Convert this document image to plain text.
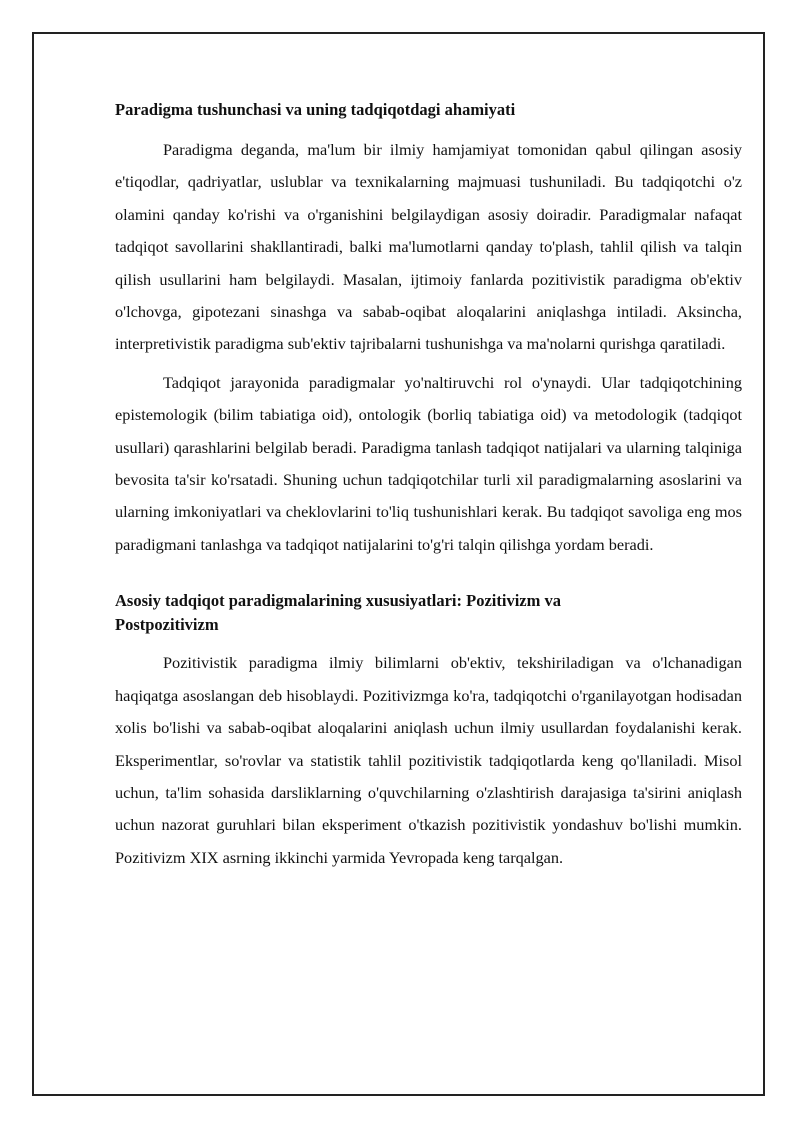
Paradigma tushunchasi va uning tadqiqotdagi ahamiyati

Paradigma deganda, ma'lum bir ilmiy hamjamiyat tomonidan qabul qilingan asosiy e'tiqodlar, qadriyatlar, uslublar va texnikalarning majmuasi tushuniladi. Bu tadqiqotchi o'z olamini qanday ko'rishi va o'rganishini belgilaydigan asosiy doiradir. Paradigmalar nafaqat tadqiqot savollarini shakllantiradi, balki ma'lumotlarni qanday to'plash, tahlil qilish va talqin qilish usullarini ham belgilaydi. Masalan, ijtimoiy fanlarda pozitivistik paradigma ob'ektiv o'lchovga, gipotezani sinashga va sabab-oqibat aloqalarini aniqlashga intiladi. Aksincha, interpretivistik paradigma sub'ektiv tajribalarni tushunishga va ma'nolarni qurishga qaratiladi.

Tadqiqot jarayonida paradigmalar yo'naltiruvchi rol o'ynaydi. Ular tadqiqotchining epistemologik (bilim tabiatiga oid), ontologik (borliq tabiatiga oid) va metodologik (tadqiqot usullari) qarashlarini belgilab beradi. Paradigma tanlash tadqiqot natijalari va ularning talqiniga bevosita ta'sir ko'rsatadi. Shuning uchun tadqiqotchilar turli xil paradigmalarning asoslarini va ularning imkoniyatlari va cheklovlarini to'liq tushunishlari kerak. Bu tadqiqot savoliga eng mos paradigmani tanlashga va tadqiqot natijalarini to'g'ri talqin qilishga yordam beradi.

Asosiy tadqiqot paradigmalarining xususiyatlari: Pozitivizm va
Postpozitivizm

Pozitivistik paradigma ilmiy bilimlarni ob'ektiv, tekshiriladigan va o'lchanadigan haqiqatga asoslangan deb hisoblaydi. Pozitivizmga ko'ra, tadqiqotchi o'rganilayotgan hodisadan xolis bo'lishi va sabab-oqibat aloqalarini aniqlash uchun ilmiy usullardan foydalanishi kerak. Eksperimentlar, so'rovlar va statistik tahlil pozitivistik tadqiqotlarda keng qo'llaniladi. Misol uchun, ta'lim sohasida darsliklarning o'quvchilarning o'zlashtirish darajasiga ta'sirini aniqlash uchun nazorat guruhlari bilan eksperiment o'tkazish pozitivistik yondashuv bo'lishi mumkin. Pozitivizm XIX asrning ikkinchi yarmida Yevropada keng tarqalgan.
